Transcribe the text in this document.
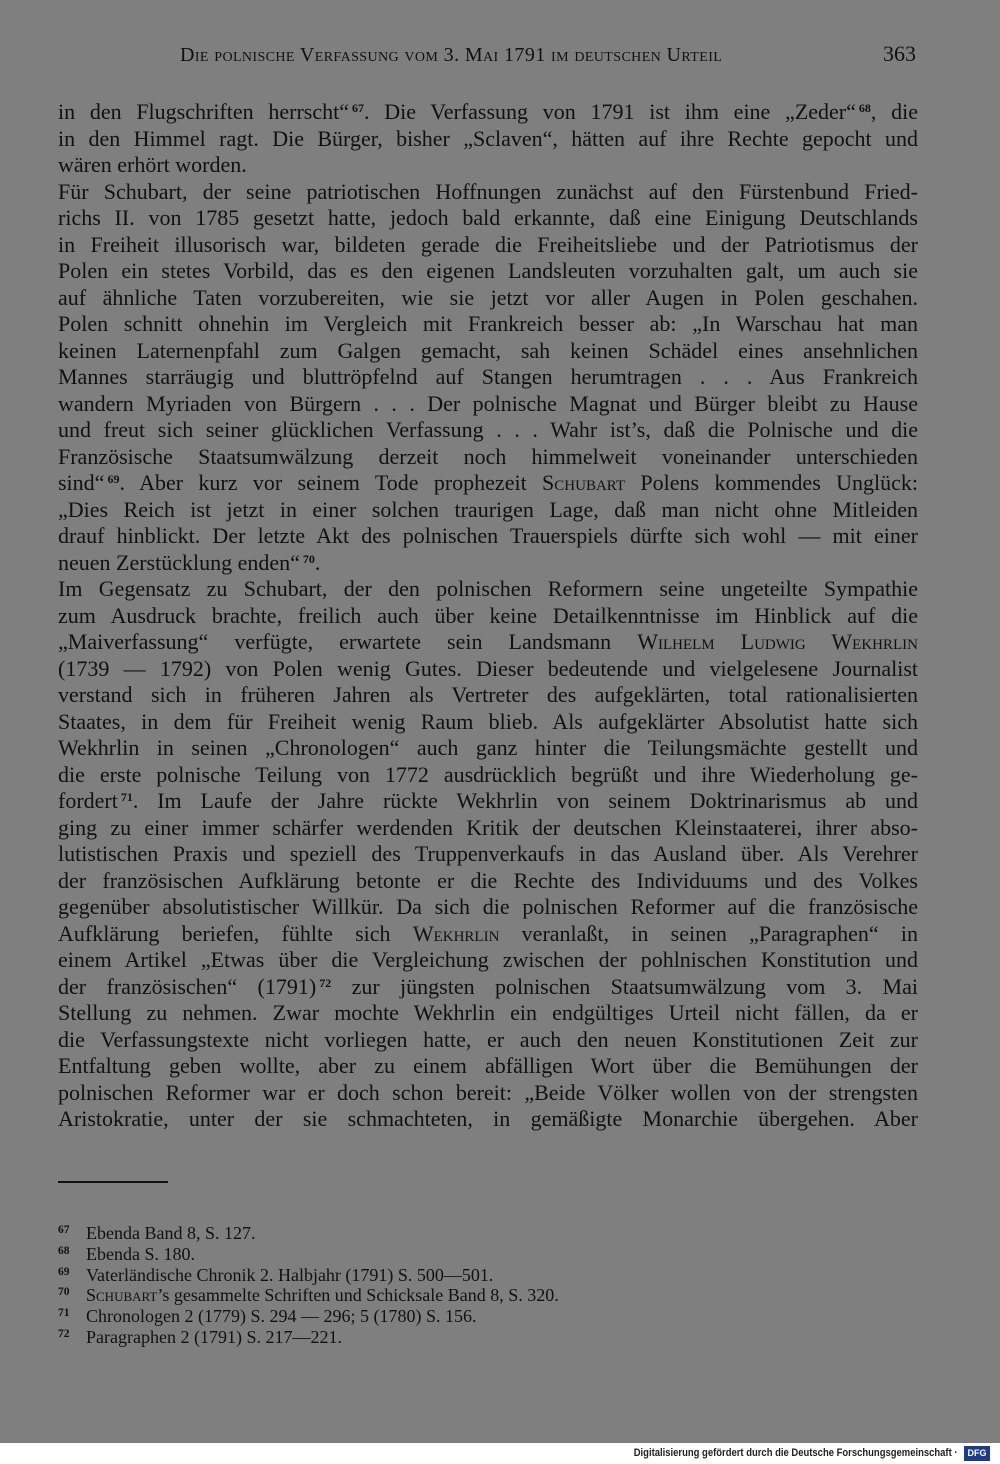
Die polnische Verfassung vom 3. Mai 1791 im deutschen Urteil	363
in den Flugschriften herrscht“ $^{67}$. Die Verfassung von 1791 ist ihm eine „Zeder“ $^{68}$, die
in den Himmel ragt. Die Bürger, bisher „Sclaven“, hätten auf ihre Rechte gepocht und
wären erhört worden.
Für Schubart, der seine patriotischen Hoffnungen zunächst auf den Fürstenbund Fried-
richs II. von 1785 gesetzt hatte, jedoch bald erkannte, daß eine Einigung Deutschlands
in Freiheit illusorisch war, bildeten gerade die Freiheitsliebe und der Patriotismus der
Polen ein stetes Vorbild, das es den eigenen Landsleuten vorzuhalten galt, um auch sie
auf ähnliche Taten vorzubereiten, wie sie jetzt vor aller Augen in Polen geschahen.
Polen schnitt ohnehin im Vergleich mit Frankreich besser ab: „In Warschau hat man
keinen Laternenpfahl zum Galgen gemacht, sah keinen Schädel eines ansehnlichen
Mannes starräugig und bluttröpfelnd auf Stangen herumtragen . . . Aus Frankreich
wandern Myriaden von Bürgern . . . Der polnische Magnat und Bürger bleibt zu Hause
und freut sich seiner glücklichen Verfassung . . . Wahr ist’s, daß die Polnische und die
Französische Staatsumwälzung derzeit noch himmelweit voneinander unterschieden
sind“ $^{69}$. Aber kurz vor seinem Tode prophezeit Schubart Polens kommendes Unglück:
„Dies Reich ist jetzt in einer solchen traurigen Lage, daß man nicht ohne Mitleiden
drauf hinblickt. Der letzte Akt des polnischen Trauerspiels dürfte sich wohl — mit einer
neuen Zerstücklung enden“ $^{70}$.
Im Gegensatz zu Schubart, der den polnischen Reformern seine ungeteilte Sympathie
zum Ausdruck brachte, freilich auch über keine Detailkenntnisse im Hinblick auf die
„Maiverfassung“ verfügte, erwartete sein Landsmann Wilhelm Ludwig Wekhrlin
(1739 — 1792) von Polen wenig Gutes. Dieser bedeutende und vielgelesene Journalist
verstand sich in früheren Jahren als Vertreter des aufgeklärten, total rationalisierten
Staates, in dem für Freiheit wenig Raum blieb. Als aufgeklärter Absolutist hatte sich
Wekhrlin in seinen „Chronologen“ auch ganz hinter die Teilungsmächte gestellt und
die erste polnische Teilung von 1772 ausdrücklich begrüßt und ihre Wiederholung ge-
fordert $^{71}$. Im Laufe der Jahre rückte Wekhrlin von seinem Doktrinarismus ab und
ging zu einer immer schärfer werdenden Kritik der deutschen Kleinstaaterei, ihrer abso-
lutistischen Praxis und speziell des Truppenverkaufs in das Ausland über. Als Verehrer
der französischen Aufklärung betonte er die Rechte des Individuums und des Volkes
gegenüber absolutistischer Willkür. Da sich die polnischen Reformer auf die französische
Aufklärung beriefen, fühlte sich Wekhrlin veranlaßt, in seinen „Paragraphen“ in
einem Artikel „Etwas über die Vergleichung zwischen der pohlnischen Konstitution und
der französischen“ (1791) $^{72}$ zur jüngsten polnischen Staatsumwälzung vom 3. Mai
Stellung zu nehmen. Zwar mochte Wekhrlin ein endgültiges Urteil nicht fällen, da er
die Verfassungstexte nicht vorliegen hatte, er auch den neuen Konstitutionen Zeit zur
Entfaltung geben wollte, aber zu einem abfälligen Wort über die Bemühungen der
polnischen Reformer war er doch schon bereit: „Beide Völker wollen von der strengsten
Aristokratie, unter der sie schmachteten, in gemäßigte Monarchie übergehen. Aber
67 Ebenda Band 8, S. 127.
68 Ebenda S. 180.
69 Vaterländische Chronik 2. Halbjahr (1791) S. 500—501.
70 Schubart’s gesammelte Schriften und Schicksale Band 8, S. 320.
71 Chronologen 2 (1779) S. 294 — 296; 5 (1780) S. 156.
72 Paragraphen 2 (1791) S. 217—221.
Digitalisierung gefördert durch die Deutsche Forschungsgemeinschaft ·	DFG
